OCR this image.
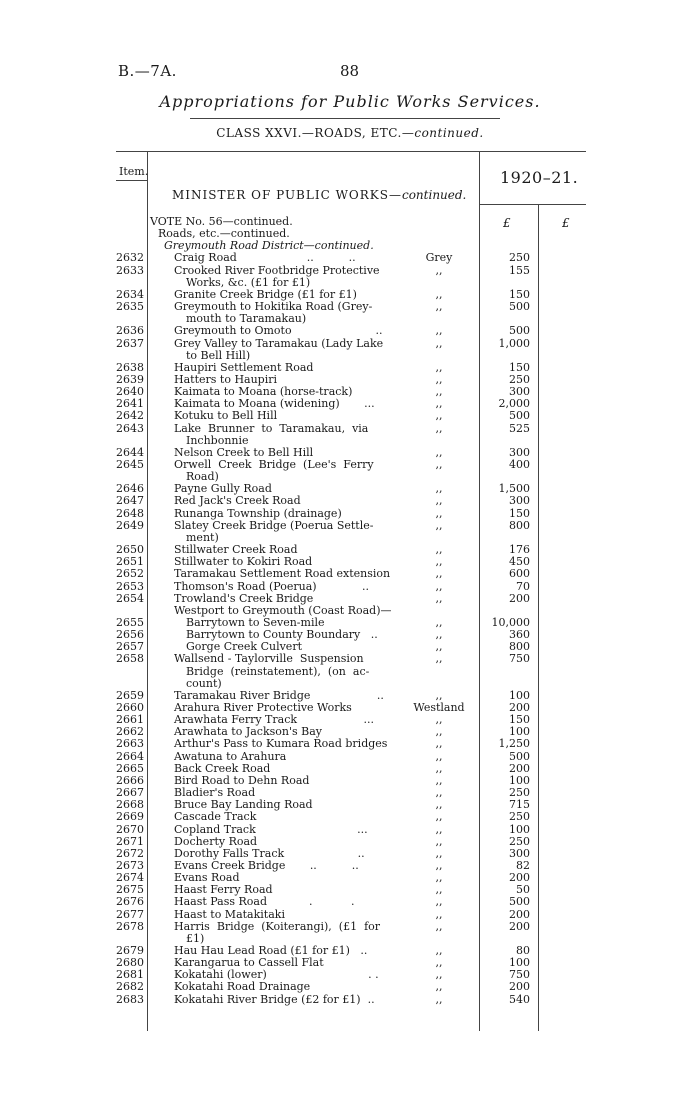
B.—7A.	88
Appropriations for Public Works Services.
CLASS XXVI.—ROADS, ETC.—continued.
Item.	1920–21.
MINISTER OF PUBLIC WORKS—continued.
£	£
VOTE No. 56—continued.
Roads, etc.—continued.
Greymouth Road District—continued.
2632	Craig Road                    ..          ..	Grey	250
2633	Crooked River Footbridge Protective	,,	155
Works, &c. (£1 for £1)
2634	Granite Creek Bridge (£1 for £1)	,,	150
2635	Greymouth to Hokitika Road (Grey-	,,	500
mouth to Taramakau)
2636	Greymouth to Omoto                        ..	,,	500
2637	Grey Valley to Taramakau (Lady Lake	,,	1,000
to Bell Hill)
2638	Haupiri Settlement Road	,,	150
2639	Hatters to Haupiri	,,	250
2640	Kaimata to Moana (horse-track)	,,	300
2641	Kaimata to Moana (widening)       ...	,,	2,000
2642	Kotuku to Bell Hill	,,	500
2643	Lake  Brunner  to  Taramakau,  via	,,	525
Inchbonnie
2644	Nelson Creek to Bell Hill	,,	300
2645	Orwell  Creek  Bridge  (Lee's  Ferry	,,	400
Road)
2646	Payne Gully Road	,,	1,500
2647	Red Jack's Creek Road	,,	300
2648	Runanga Township (drainage)	,,	150
2649	Slatey Creek Bridge (Poerua Settle-	,,	800
ment)
2650	Stillwater Creek Road	,,	176
2651	Stillwater to Kokiri Road	,,	450
2652	Taramakau Settlement Road extension	,,	600
2653	Thomson's Road (Poerua)             ..	,,	70
2654	Trowland's Creek Bridge	,,	200
Westport to Greymouth (Coast Road)—
2655	Barrytown to Seven-mile	,,	10,000
2656	Barrytown to County Boundary   ..	,,	360
2657	Gorge Creek Culvert	,,	800
2658	Wallsend - Taylorville  Suspension	,,	750
Bridge  (reinstatement),  (on  ac-
count)
2659	Taramakau River Bridge                   ..	,,	100
2660	Arahura River Protective Works	Westland	200
2661	Arawhata Ferry Track                   ...	,,	150
2662	Arawhata to Jackson's Bay	,,	100
2663	Arthur's Pass to Kumara Road bridges	,,	1,250
2664	Awatuna to Arahura	,,	500
2665	Back Creek Road	,,	200
2666	Bird Road to Dehn Road	,,	100
2667	Bladier's Road	,,	250
2668	Bruce Bay Landing Road	,,	715
2669	Cascade Track	,,	250
2670	Copland Track                             ...	,,	100
2671	Docherty Road	,,	250
2672	Dorothy Falls Track                     ..	,,	300
2673	Evans Creek Bridge       ..          ..	,,	82
2674	Evans Road	,,	200
2675	Haast Ferry Road	,,	50
2676	Haast Pass Road            .           .	,,	500
2677	Haast to Matakitaki	,,	200
2678	Harris  Bridge  (Koiterangi),  (£1  for	,,	200
£1)
2679	Hau Hau Lead Road (£1 for £1)   ..	,,	80
2680	Karangarua to Cassell Flat	,,	100
2681	Kokatahi (lower)                             . .	,,	750
2682	Kokatahi Road Drainage	,,	200
2683	Kokatahi River Bridge (£2 for £1)  ..	,,	540
